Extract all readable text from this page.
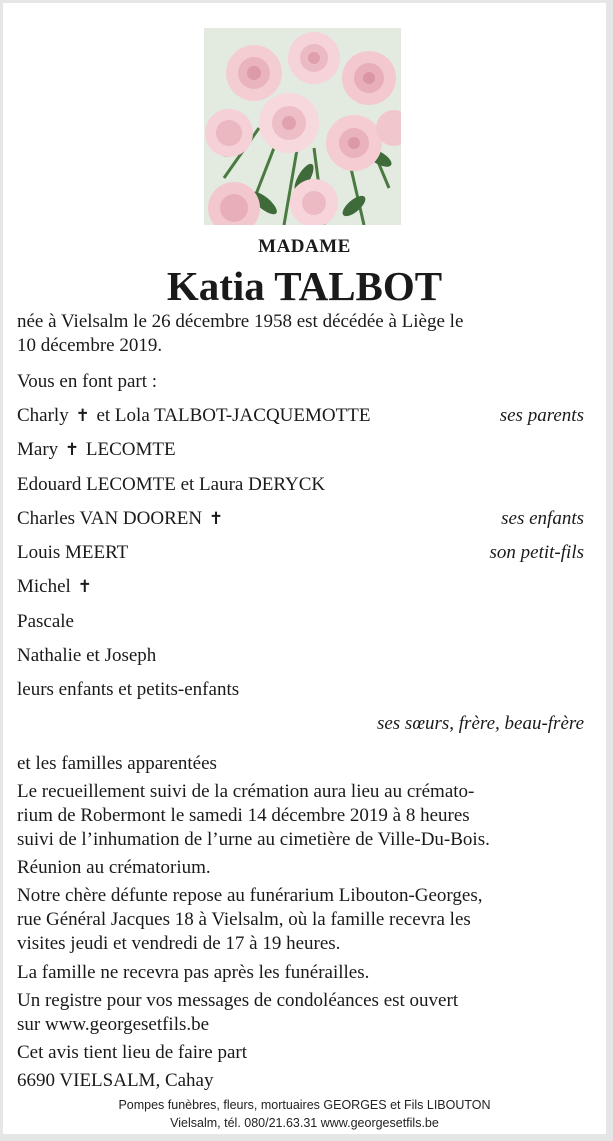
MADAME
Katia TALBOT
née à Vielsalm le 26 décembre 1958 est décédée à Liège le
10 décembre 2019.
Vous en font part :
Charly ✝ et Lola TALBOT-JACQUEMOTTE	ses parents
Mary ✝ LECOMTE
Edouard LECOMTE et Laura DERYCK
Charles VAN DOOREN ✝	ses enfants
Louis MEERT	son petit-fils
Michel ✝
Pascale
Nathalie et Joseph
leurs enfants et petits-enfants
ses sœurs, frère, beau-frère
et les familles apparentées
Le recueillement suivi de la crémation aura lieu au crémato-
rium de Robermont le samedi 14 décembre 2019 à 8 heures
suivi de l’inhumation de l’urne au cimetière de Ville-Du-Bois.
Réunion au crématorium.
Notre chère défunte repose au funérarium Libouton-Georges,
rue Général Jacques 18 à Vielsalm, où la famille recevra les
visites jeudi et vendredi de 17 à 19 heures.
La famille ne recevra pas après les funérailles.
Un registre pour vos messages de condoléances est ouvert
sur www.georgesetfils.be
Cet avis tient lieu de faire part
6690 VIELSALM, Cahay
Pompes funèbres, fleurs, mortuaires GEORGES et Fils LIBOUTON
Vielsalm, tél. 080/21.63.31 www.georgesetfils.be
